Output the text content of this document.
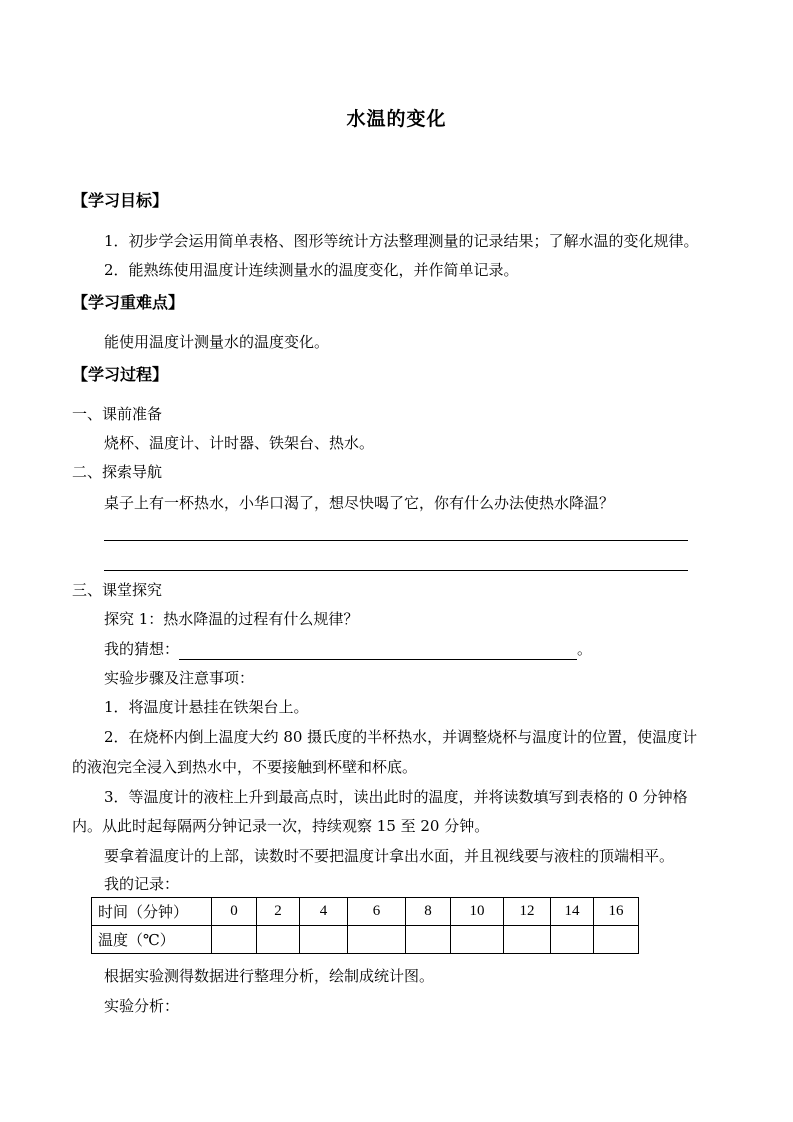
水温的变化
【学习目标】
1．初步学会运用简单表格、图形等统计方法整理测量的记录结果；了解水温的变化规律。
2．能熟练使用温度计连续测量水的温度变化，并作简单记录。
【学习重难点】
能使用温度计测量水的温度变化。
【学习过程】
一、课前准备
烧杯、温度计、计时器、铁架台、热水。
二、探索导航
桌子上有一杯热水，小华口渴了，想尽快喝了它，你有什么办法使热水降温？
三、课堂探究
探究 1：热水降温的过程有什么规律？
我的猜想：	。
实验步骤及注意事项：
1．将温度计悬挂在铁架台上。
2．在烧杯内倒上温度大约 80 摄氏度的半杯热水，并调整烧杯与温度计的位置，使温度计
的液泡完全浸入到热水中，不要接触到杯壁和杯底。
3．等温度计的液柱上升到最高点时，读出此时的温度，并将读数填写到表格的 0 分钟格
内。从此时起每隔两分钟记录一次，持续观察 15 至 20 分钟。
要拿着温度计的上部，读数时不要把温度计拿出水面，并且视线要与液柱的顶端相平。
我的记录：
时间（分钟）	0	2	4	6	8	10	12	14	16
温度（℃）									
根据实验测得数据进行整理分析，绘制成统计图。
实验分析：
